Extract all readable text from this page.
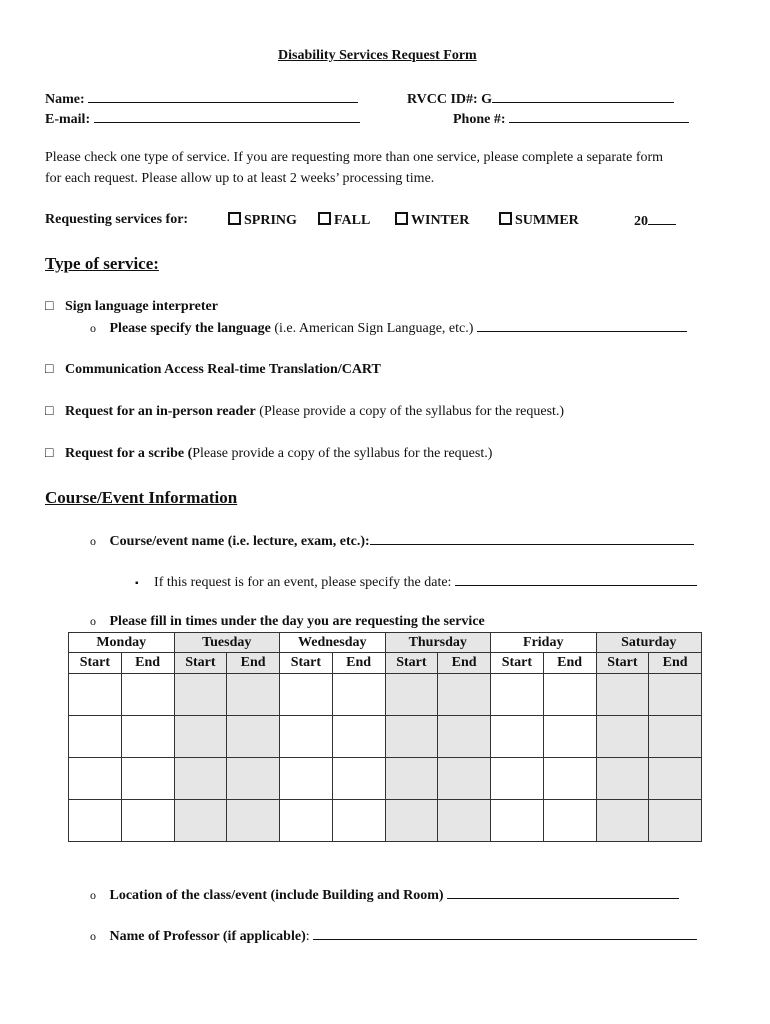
Disability Services Request Form
Name:	RVCC ID#: G
E-mail:	Phone #:
Please check one type of service. If you are requesting more than one service, please complete a separate form
for each request. Please allow up to at least 2 weeks’ processing time.
Requesting services for:	SPRING	FALL	WINTER	SUMMER	20
Type of service:
□ Sign language interpreter
o Please specify the language (i.e. American Sign Language, etc.)
□ Communication Access Real-time Translation/CART
□ Request for an in-person reader (Please provide a copy of the syllabus for the request.)
□ Request for a scribe (Please provide a copy of the syllabus for the request.)
Course/Event Information
o Course/event name (i.e. lecture, exam, etc.):
▪ If this request is for an event, please specify the date:
o Please fill in times under the day you are requesting the service
Monday		Tuesday		Wednesday		Thursday		Friday		Saturday	
Start	End	Start	End	Start	End	Start	End	Start	End	Start	End

o Location of the class/event (include Building and Room)
o Name of Professor (if applicable):
